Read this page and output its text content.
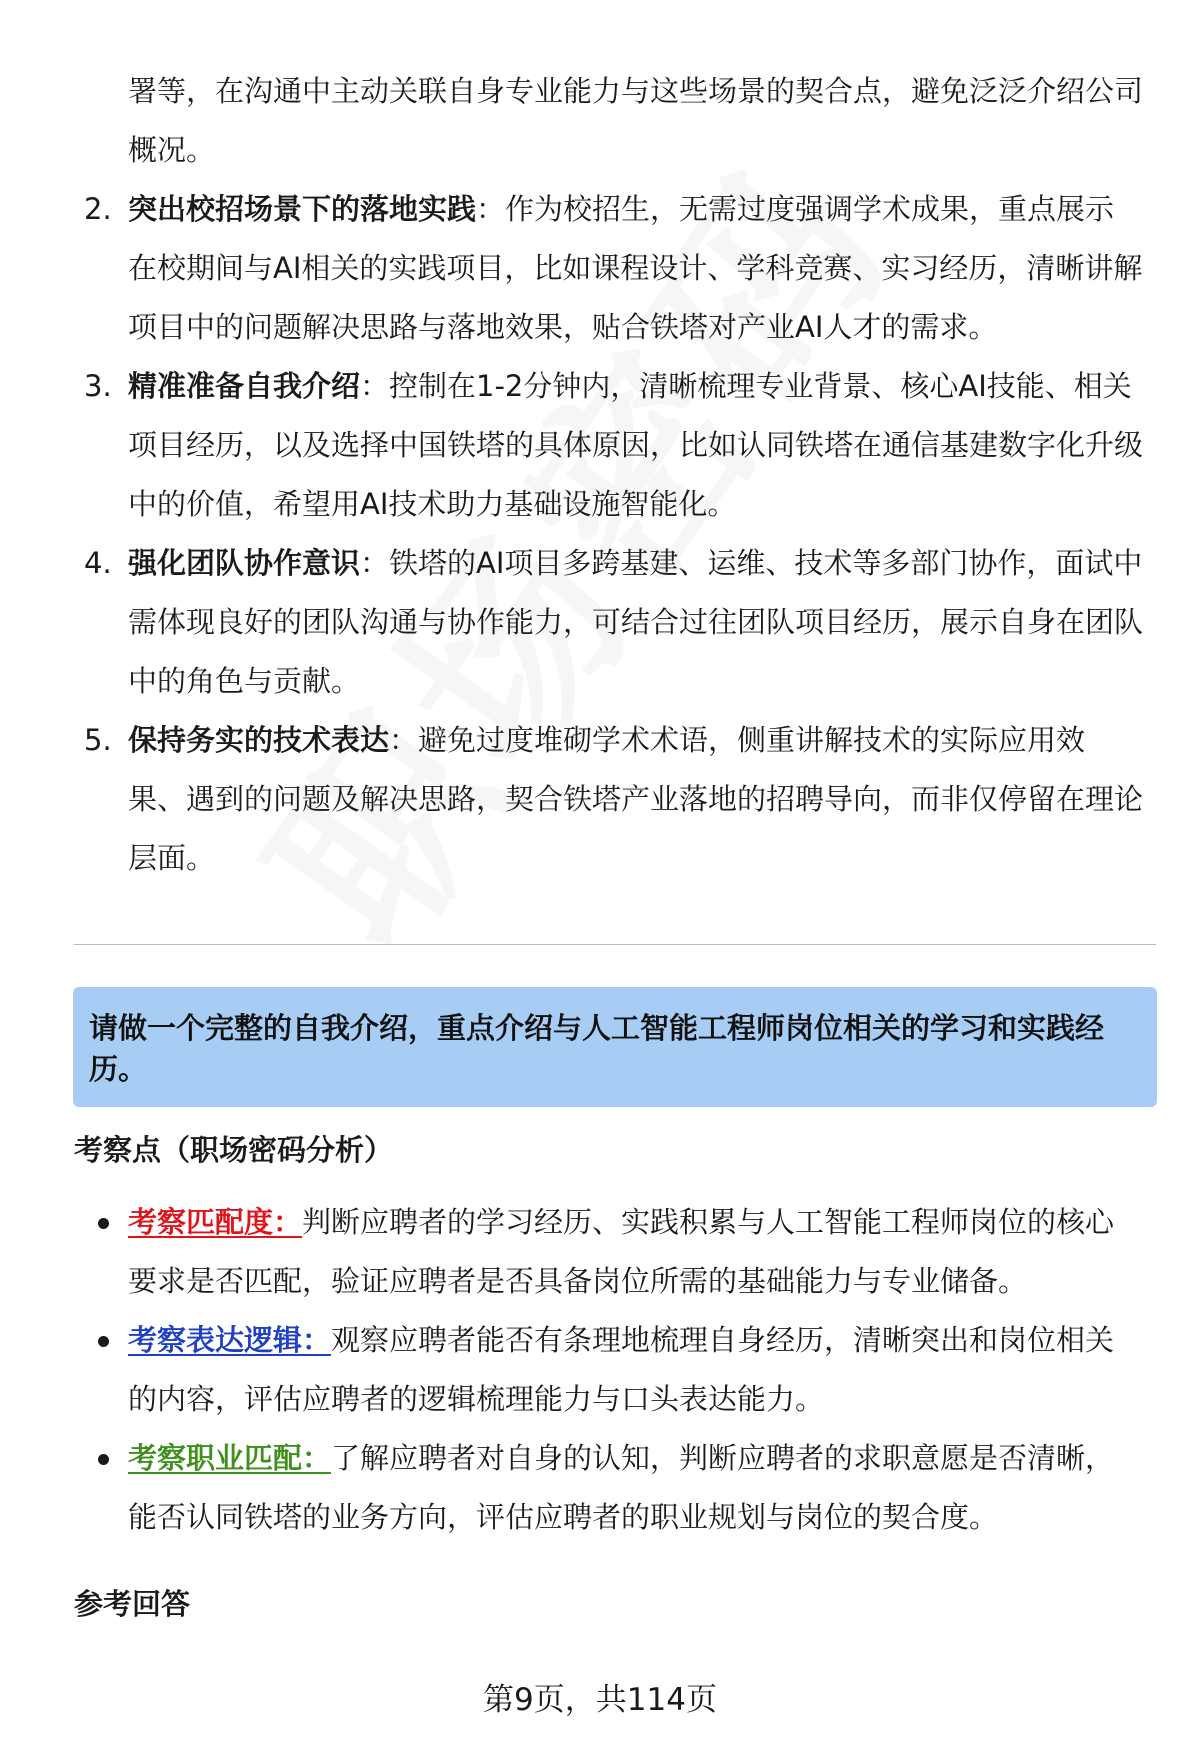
署等，在沟通中主动关联自身专业能力与这些场景的契合点，避免泛泛介绍公司概况。
2. 突出校招场景下的落地实践：作为校招生，无需过度强调学术成果，重点展示在校期间与AI相关的实践项目，比如课程设计、学科竞赛、实习经历，清晰讲解项目中的问题解决思路与落地效果，贴合铁塔对产业AI人才的需求。
3. 精准准备自我介绍：控制在1-2分钟内，清晰梳理专业背景、核心AI技能、相关项目经历，以及选择中国铁塔的具体原因，比如认同铁塔在通信基建数字化升级中的价值，希望用AI技术助力基础设施智能化。
4. 强化团队协作意识：铁塔的AI项目多跨基建、运维、技术等多部门协作，面试中需体现良好的团队沟通与协作能力，可结合过往团队项目经历，展示自身在团队中的角色与贡献。
5. 保持务实的技术表达：避免过度堆砌学术术语，侧重讲解技术的实际应用效果、遇到的问题及解决思路，契合铁塔产业落地的招聘导向，而非仅停留在理论层面。
请做一个完整的自我介绍，重点介绍与人工智能工程师岗位相关的学习和实践经历。
考察点（职场密码分析）
考察匹配度：判断应聘者的学习经历、实践积累与人工智能工程师岗位的核心要求是否匹配，验证应聘者是否具备岗位所需的基础能力与专业储备。
考察表达逻辑：观察应聘者能否有条理地梳理自身经历，清晰突出和岗位相关的内容，评估应聘者的逻辑梳理能力与口头表达能力。
考察职业匹配：了解应聘者对自身的认知，判断应聘者的求职意愿是否清晰，能否认同铁塔的业务方向，评估应聘者的职业规划与岗位的契合度。
参考回答
第9页，共114页
